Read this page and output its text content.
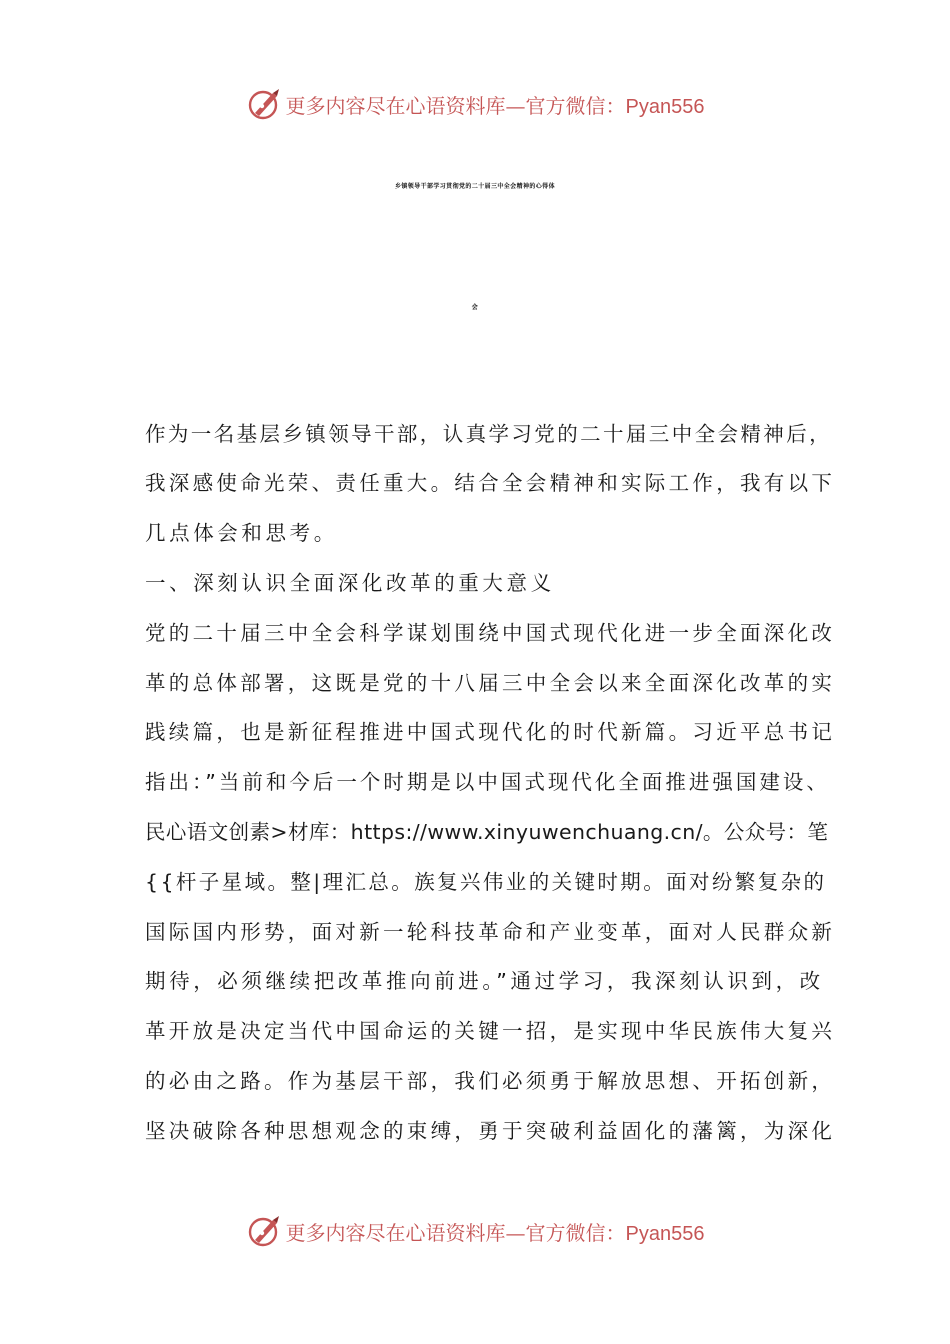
更多内容尽在心语资料库—官方微信：Pyan556
乡镇领导干部学习贯彻党的二十届三中全会精神的心得体
会
作为一名基层乡镇领导干部，认真学习党的二十届三中全会精神后，
我深感使命光荣、责任重大。结合全会精神和实际工作，我有以下
几点体会和思考。
一、深刻认识全面深化改革的重大意义
党的二十届三中全会科学谋划围绕中国式现代化进一步全面深化改
革的总体部署，这既是党的十八届三中全会以来全面深化改革的实
践续篇，也是新征程推进中国式现代化的时代新篇。习近平总书记
指出：”当前和今后一个时期是以中国式现代化全面推进强国建设、
民心语文创素>材库：https://www.xinyuwenchuang.cn/。公众号：笔
{{杆子星域。整|理汇总。族复兴伟业的关键时期。面对纷繁复杂的
国际国内形势，面对新一轮科技革命和产业变革，面对人民群众新
期待，必须继续把改革推向前进。”通过学习，我深刻认识到，改
革开放是决定当代中国命运的关键一招，是实现中华民族伟大复兴
的必由之路。作为基层干部，我们必须勇于解放思想、开拓创新，
坚决破除各种思想观念的束缚，勇于突破利益固化的藩篱，为深化
更多内容尽在心语资料库—官方微信：Pyan556
